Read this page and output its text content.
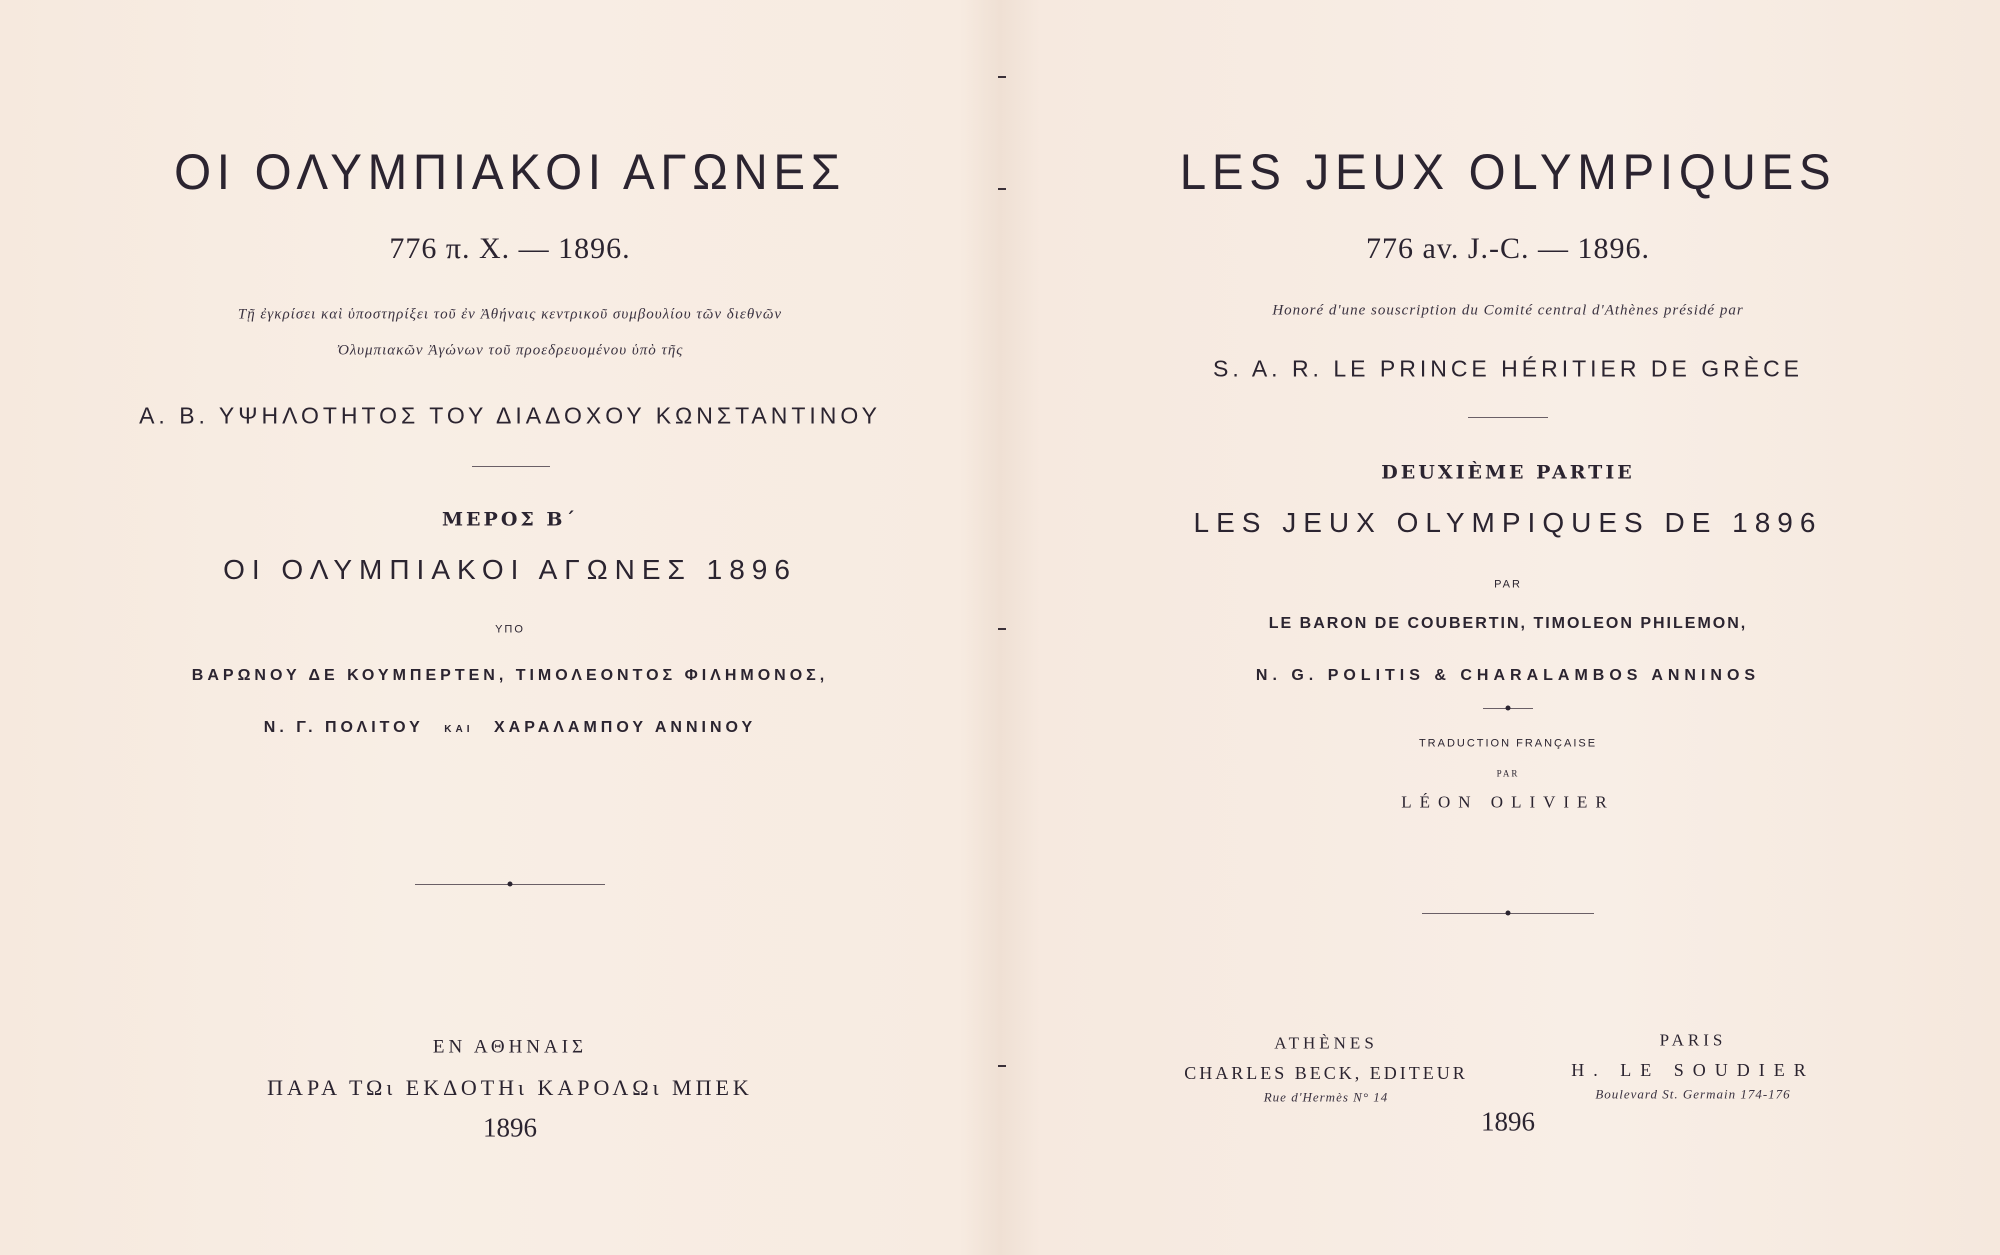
ΟΙ ΟΛΥΜΠΙΑΚΟΙ ΑΓΩΝΕΣ
776 π. Χ. — 1896.
Τῇ ἐγκρίσει καὶ ὑποστηρίξει τοῦ ἐν Ἀθήναις κεντρικοῦ συμβουλίου τῶν διεθνῶν
Ὀλυμπιακῶν Ἀγώνων τοῦ προεδρευομένου ὑπὸ τῆς
Α. Β. ΥΨΗΛΟΤΗΤΟΣ ΤΟΥ ΔΙΑΔΟΧΟΥ ΚΩΝΣΤΑΝΤΙΝΟΥ
ΜΕΡΟΣ Β΄
ΟΙ ΟΛΥΜΠΙΑΚΟΙ ΑΓΩΝΕΣ 1896
ΥΠΟ
ΒΑΡΩΝΟΥ ΔΕ ΚΟΥΜΠΕΡΤΕΝ, ΤΙΜΟΛΕΟΝΤΟΣ ΦΙΛΗΜΟΝΟΣ,
Ν. Γ. ΠΟΛΙΤΟΥ ΚΑΙ ΧΑΡΑΛΑΜΠΟΥ ΑΝΝΙΝΟΥ
ΕΝ ΑΘΗΝΑΙΣ
ΠΑΡΑ ΤΩι ΕΚΔΟΤΗι ΚΑΡΟΛΩι ΜΠΕΚ
1896
LES JEUX OLYMPIQUES
776 av. J.-C. — 1896.
Honoré d'une souscription du Comité central d'Athènes présidé par
S. A. R. LE PRINCE HÉRITIER DE GRÈCE
DEUXIÈME PARTIE
LES JEUX OLYMPIQUES DE 1896
PAR
LE BARON DE COUBERTIN, TIMOLEON PHILEMON,
N. G. POLITIS & CHARALAMBOS ANNINOS
TRADUCTION FRANÇAISE
PAR
LÉON OLIVIER
ATHÈNES
CHARLES BECK, EDITEUR
Rue d'Hermès N° 14
PARIS
H. LE SOUDIER
Boulevard St. Germain 174-176
1896
